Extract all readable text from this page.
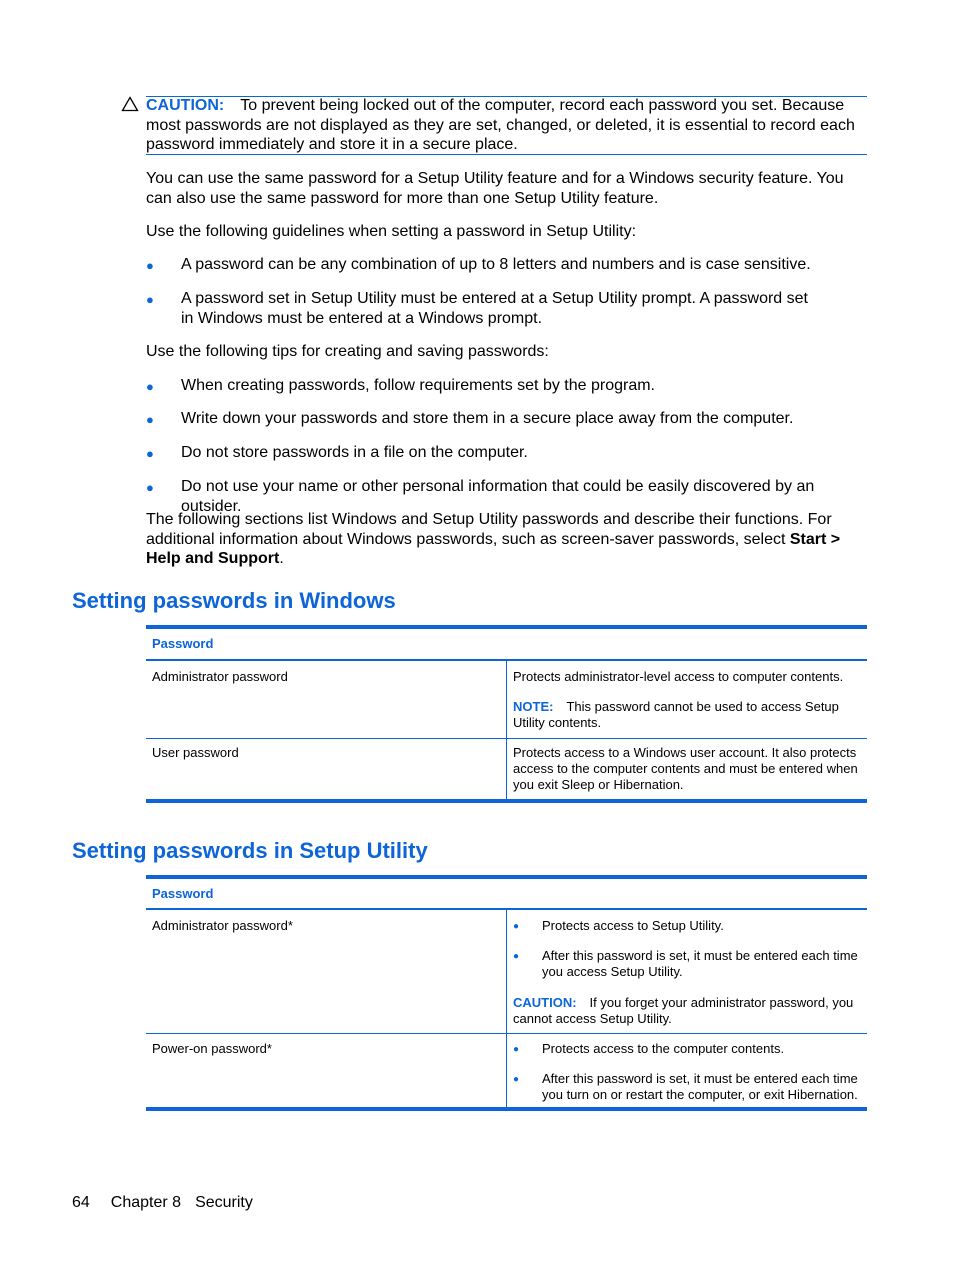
CAUTION: To prevent being locked out of the computer, record each password you set. Because most passwords are not displayed as they are set, changed, or deleted, it is essential to record each password immediately and store it in a secure place.
You can use the same password for a Setup Utility feature and for a Windows security feature. You can also use the same password for more than one Setup Utility feature.
Use the following guidelines when setting a password in Setup Utility:
● A password can be any combination of up to 8 letters and numbers and is case sensitive.
● A password set in Setup Utility must be entered at a Setup Utility prompt. A password set in Windows must be entered at a Windows prompt.
Use the following tips for creating and saving passwords:
● When creating passwords, follow requirements set by the program.
● Write down your passwords and store them in a secure place away from the computer.
● Do not store passwords in a file on the computer.
● Do not use your name or other personal information that could be easily discovered by an outsider.
The following sections list Windows and Setup Utility passwords and describe their functions. For additional information about Windows passwords, such as screen-saver passwords, select Start > Help and Support.
Setting passwords in Windows
Password
Administrator password	Protects administrator-level access to computer contents.
NOTE: This password cannot be used to access Setup Utility contents.
User password	Protects access to a Windows user account. It also protects access to the computer contents and must be entered when you exit Sleep or Hibernation.
Setting passwords in Setup Utility
Password
Administrator password*	● Protects access to Setup Utility.
● After this password is set, it must be entered each time you access Setup Utility.
CAUTION: If you forget your administrator password, you cannot access Setup Utility.
Power-on password*	● Protects access to the computer contents.
● After this password is set, it must be entered each time you turn on or restart the computer, or exit Hibernation.
64 Chapter 8 Security
